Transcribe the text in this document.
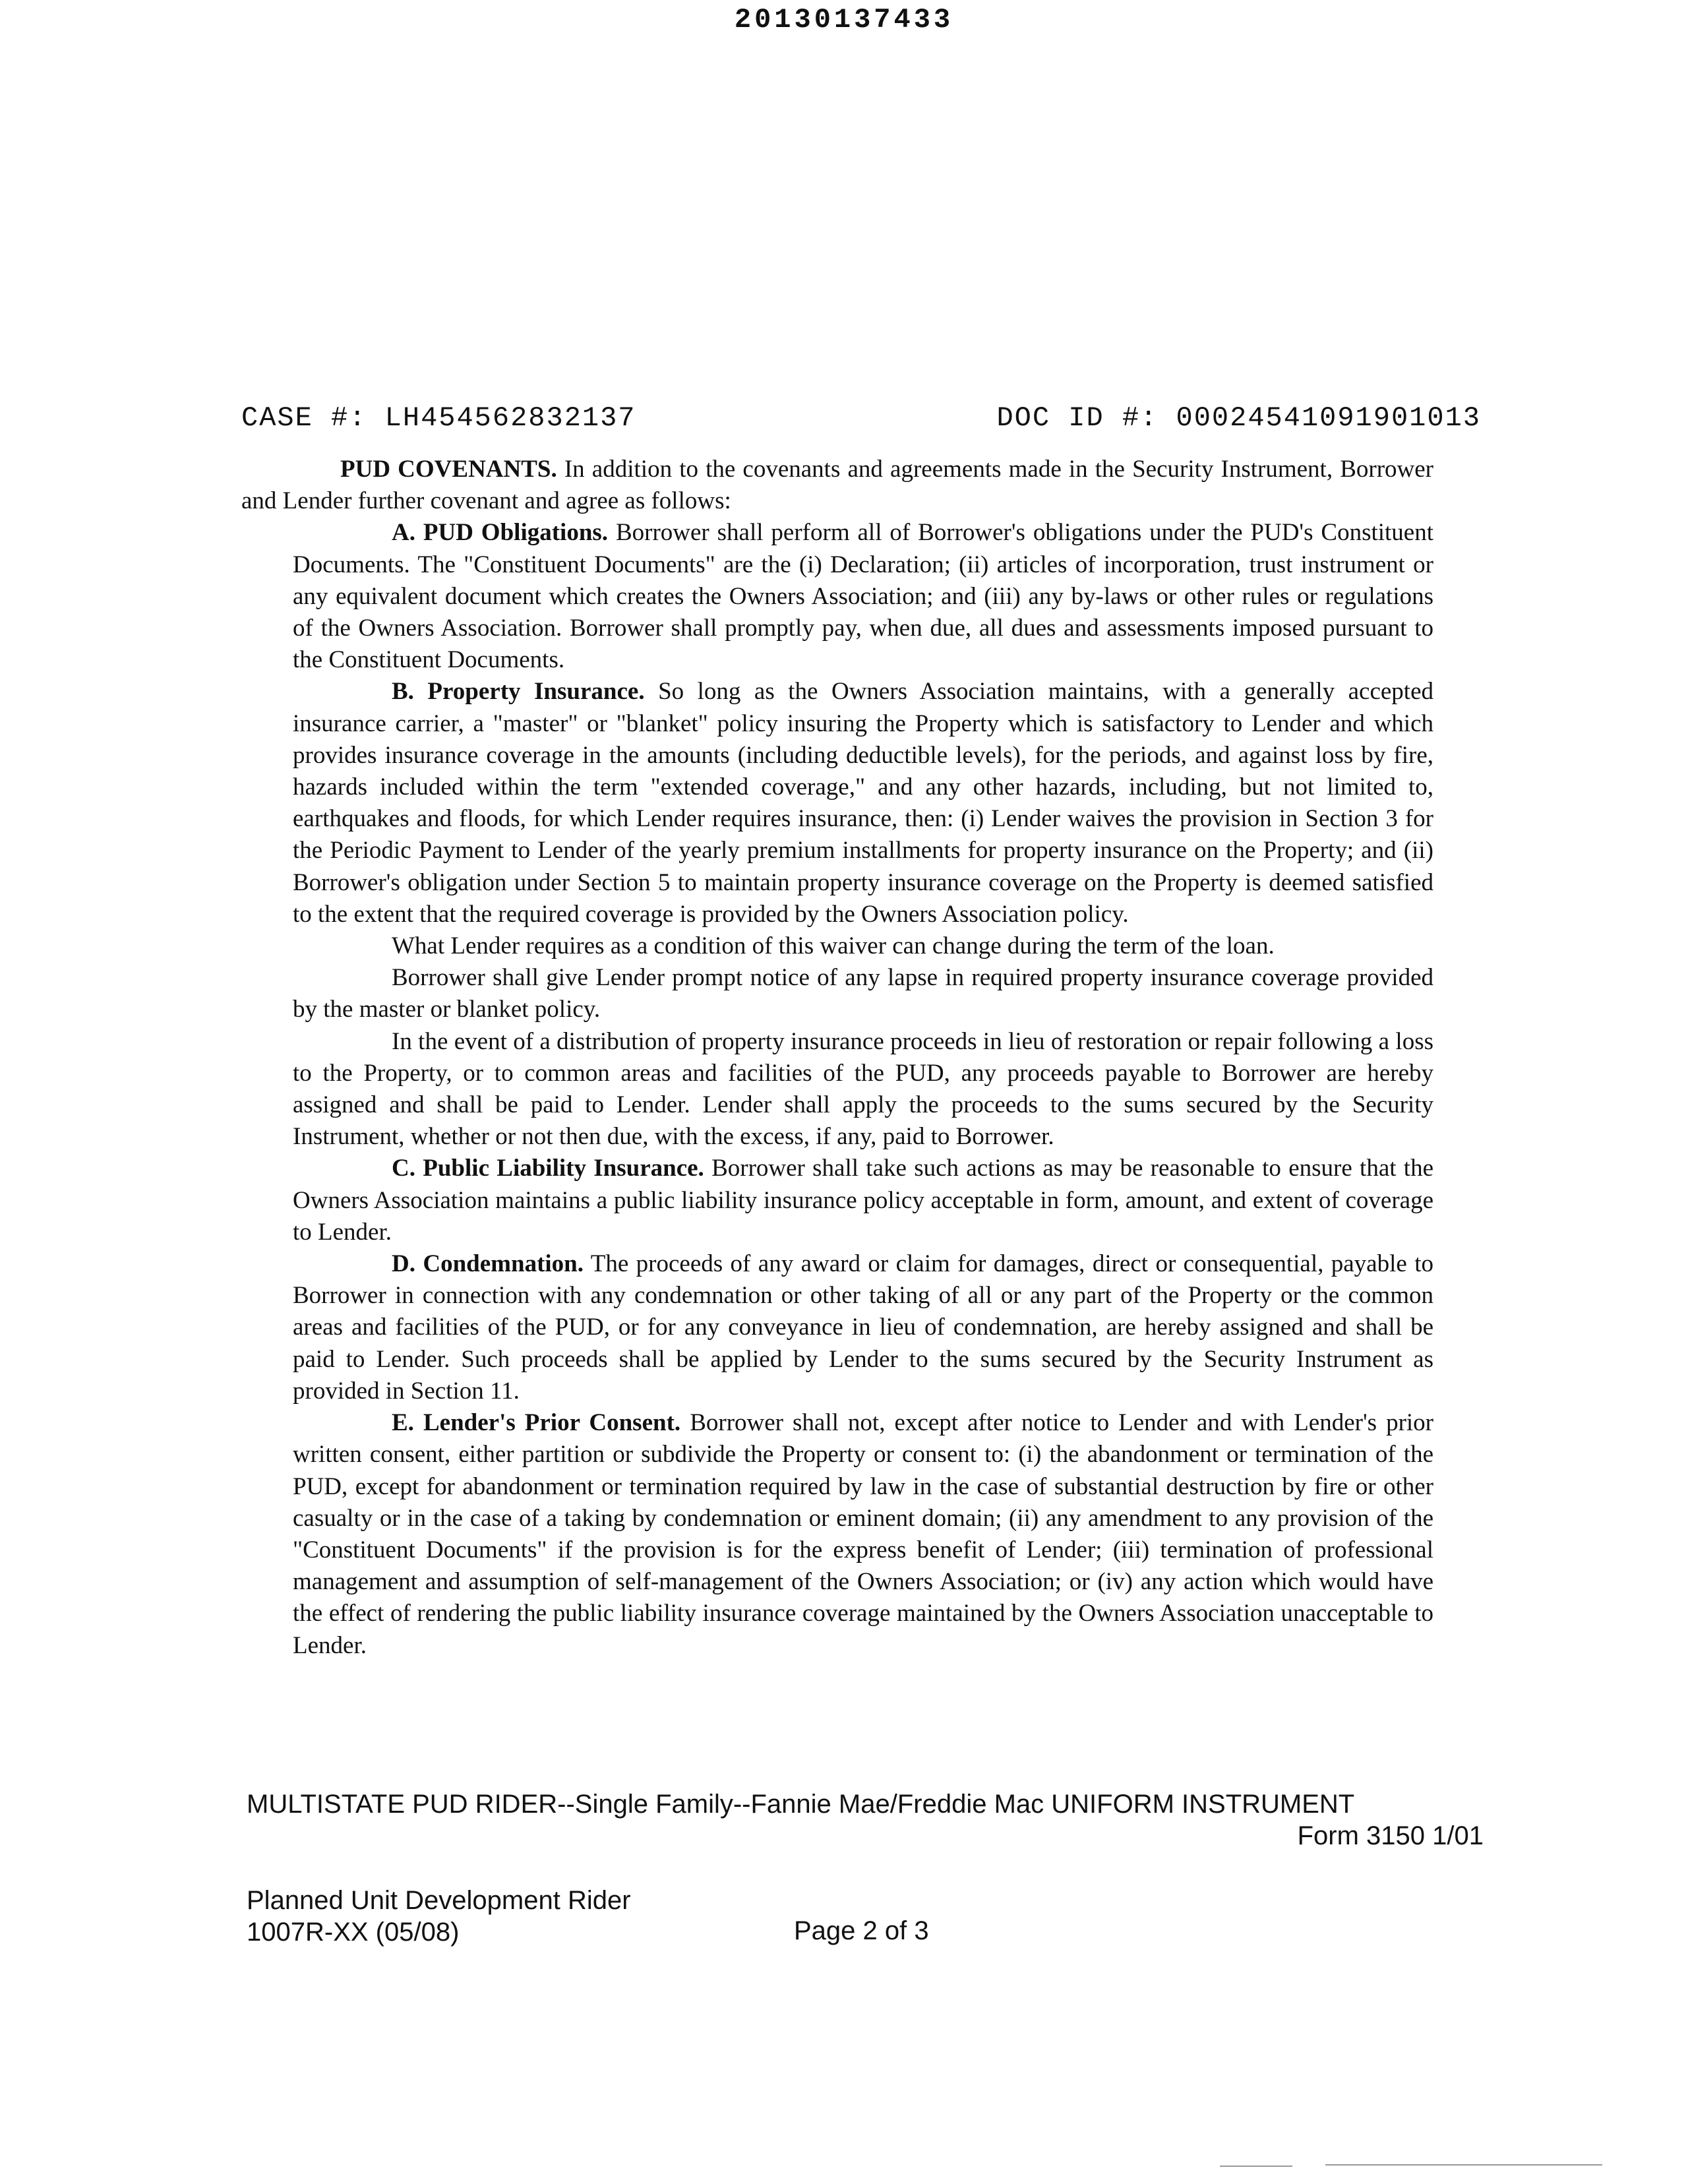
20130137433
CASE #: LH454562832137	DOC ID #: 00024541091901013

PUD COVENANTS. In addition to the covenants and agreements made in the Security Instrument, Borrower and Lender further covenant and agree as follows:

A. PUD Obligations. Borrower shall perform all of Borrower's obligations under the PUD's Constituent Documents. The "Constituent Documents" are the (i) Declaration; (ii) articles of incorporation, trust instrument or any equivalent document which creates the Owners Association; and (iii) any by-laws or other rules or regulations of the Owners Association. Borrower shall promptly pay, when due, all dues and assessments imposed pursuant to the Constituent Documents.

B. Property Insurance. So long as the Owners Association maintains, with a generally accepted insurance carrier, a "master" or "blanket" policy insuring the Property which is satisfactory to Lender and which provides insurance coverage in the amounts (including deductible levels), for the periods, and against loss by fire, hazards included within the term "extended coverage," and any other hazards, including, but not limited to, earthquakes and floods, for which Lender requires insurance, then: (i) Lender waives the provision in Section 3 for the Periodic Payment to Lender of the yearly premium installments for property insurance on the Property; and (ii) Borrower's obligation under Section 5 to maintain property insurance coverage on the Property is deemed satisfied to the extent that the required coverage is provided by the Owners Association policy.

What Lender requires as a condition of this waiver can change during the term of the loan.

Borrower shall give Lender prompt notice of any lapse in required property insurance coverage provided by the master or blanket policy.

In the event of a distribution of property insurance proceeds in lieu of restoration or repair following a loss to the Property, or to common areas and facilities of the PUD, any proceeds payable to Borrower are hereby assigned and shall be paid to Lender. Lender shall apply the proceeds to the sums secured by the Security Instrument, whether or not then due, with the excess, if any, paid to Borrower.

C. Public Liability Insurance. Borrower shall take such actions as may be reasonable to ensure that the Owners Association maintains a public liability insurance policy acceptable in form, amount, and extent of coverage to Lender.

D. Condemnation. The proceeds of any award or claim for damages, direct or consequential, payable to Borrower in connection with any condemnation or other taking of all or any part of the Property or the common areas and facilities of the PUD, or for any conveyance in lieu of condemnation, are hereby assigned and shall be paid to Lender. Such proceeds shall be applied by Lender to the sums secured by the Security Instrument as provided in Section 11.

E. Lender's Prior Consent. Borrower shall not, except after notice to Lender and with Lender's prior written consent, either partition or subdivide the Property or consent to: (i) the abandonment or termination of the PUD, except for abandonment or termination required by law in the case of substantial destruction by fire or other casualty or in the case of a taking by condemnation or eminent domain; (ii) any amendment to any provision of the "Constituent Documents" if the provision is for the express benefit of Lender; (iii) termination of professional management and assumption of self-management of the Owners Association; or (iv) any action which would have the effect of rendering the public liability insurance coverage maintained by the Owners Association unacceptable to Lender.

MULTISTATE PUD RIDER--Single Family--Fannie Mae/Freddie Mac UNIFORM INSTRUMENT
Form 3150 1/01
Planned Unit Development Rider
1007R-XX (05/08)	Page 2 of 3
